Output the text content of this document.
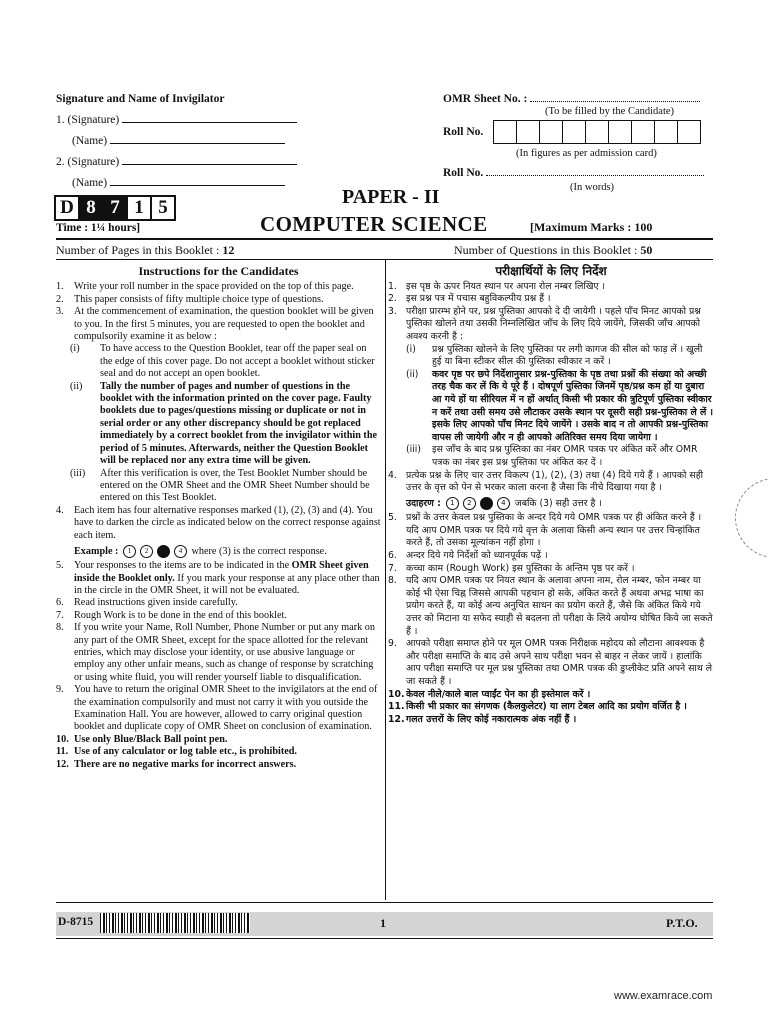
Signature and Name of Invigilator
1. (Signature)
(Name)
2. (Signature)
(Name)
OMR Sheet No. :
(To be filled by the Candidate)
Roll No.
(In figures as per admission card)
Roll No.
(In words)
D 8 7 1 5
Time : 1¼ hours]
PAPER - II
COMPUTER SCIENCE	[Maximum Marks : 100
Number of Pages in this Booklet : 12	Number of Questions in this Booklet : 50
Instructions for the Candidates
1. Write your roll number in the space provided on the top of this page.
2. This paper consists of fifty multiple choice type of questions.
3. At the commencement of examination, the question booklet will be given to you. In the first 5 minutes, you are requested to open the booklet and compulsorily examine it as below :
(i) To have access to the Question Booklet, tear off the paper seal on the edge of this cover page. Do not accept a booklet without sticker seal and do not accept an open booklet.
(ii) Tally the number of pages and number of questions in the booklet with the information printed on the cover page. Faulty booklets due to pages/questions missing or duplicate or not in serial order or any other discrepancy should be got replaced immediately by a correct booklet from the invigilator within the period of 5 minutes. Afterwards, neither the Question Booklet will be replaced nor any extra time will be given.
(iii) After this verification is over, the Test Booklet Number should be entered on the OMR Sheet and the OMR Sheet Number should be entered on this Test Booklet.
4. Each item has four alternative responses marked (1), (2), (3) and (4). You have to darken the circle as indicated below on the correct response against each item.
Example : 1 2	4 where (3) is the correct response.
5. Your responses to the items are to be indicated in the OMR Sheet given inside the Booklet only. If you mark your response at any place other than in the circle in the OMR Sheet, it will not be evaluated.
6. Read instructions given inside carefully.
7. Rough Work is to be done in the end of this booklet.
8. If you write your Name, Roll Number, Phone Number or put any mark on any part of the OMR Sheet, except for the space allotted for the relevant entries, which may disclose your identity, or use abusive language or employ any other unfair means, such as change of response by scratching or using white fluid, you will render yourself liable to disqualification.
9. You have to return the original OMR Sheet to the invigilators at the end of the examination compulsorily and must not carry it with you outside the Examination Hall. You are however, allowed to carry original question booklet and duplicate copy of OMR Sheet on conclusion of examination.
10. Use only Blue/Black Ball point pen.
11. Use of any calculator or log table etc., is prohibited.
12. There are no negative marks for incorrect answers.
परीक्षार्थियों के लिए निर्देश
1. इस पृष्ठ के ऊपर नियत स्थान पर अपना रोल नम्बर लिखिए ।
2. इस प्रश्न पत्र में पचास बहुविकल्पीय प्रश्न हैं ।
3. परीक्षा प्रारम्भ होने पर, प्रश्न पुस्तिका आपको दे दी जायेगी । पहले पाँच मिनट आपको प्रश्न पुस्तिका खोलने तथा उसकी निम्नलिखित जाँच के लिए दिये जायेंगे, जिसकी जाँच आपको अवश्य करनी है :
(i) प्रश्न पुस्तिका खोलने के लिए पुस्तिका पर लगी कागज की सील को फाड़ लें । खुली हुई या बिना स्टीकर सील की पुस्तिका स्वीकार न करें ।
(ii) कवर पृष्ठ पर छपे निर्देशानुसार प्रश्न-पुस्तिका के पृष्ठ तथा प्रश्नों की संख्या को अच्छी तरह चैक कर लें कि ये पूरे हैं । दोषपूर्ण पुस्तिका जिनमें पृष्ठ/प्रश्न कम हों या दुबारा आ गये हों या सीरियल में न हों अर्थात् किसी भी प्रकार की त्रुटिपूर्ण पुस्तिका स्वीकार न करें तथा उसी समय उसे लौटाकर उसके स्थान पर दूसरी सही प्रश्न-पुस्तिका ले लें । इसके लिए आपको पाँच मिनट दिये जायेंगे । उसके बाद न तो आपकी प्रश्न-पुस्तिका वापस ली जायेगी और न ही आपको अतिरिक्त समय दिया जायेगा ।
(iii) इस जाँच के बाद प्रश्न पुस्तिका का नंबर OMR पत्रक पर अंकित करें और OMR पत्रक का नंबर इस प्रश्न पुस्तिका पर अंकित कर दें ।
4. प्रत्येक प्रश्न के लिए चार उत्तर विकल्प (1), (2), (3) तथा (4) दिये गये हैं । आपको सही उत्तर के वृत्त को पेन से भरकर काला करना है जैसा कि नीचे दिखाया गया है ।
उदाहरण : 1 2	4 जबकि (3) सही उत्तर है ।
5. प्रश्नों के उत्तर केवल प्रश्न पुस्तिका के अन्दर दिये गये OMR पत्रक पर ही अंकित करने हैं । यदि आप OMR पत्रक पर दिये गये वृत्त के अलावा किसी अन्य स्थान पर उत्तर चिन्हांकित करते हैं, तो उसका मूल्यांकन नहीं होगा ।
6. अन्दर दिये गये निर्देशों को ध्यानपूर्वक पढ़ें ।
7. कच्चा काम (Rough Work) इस पुस्तिका के अन्तिम पृष्ठ पर करें ।
8. यदि आप OMR पत्रक पर नियत स्थान के अलावा अपना नाम, रोल नम्बर, फोन नम्बर या कोई भी ऐसा चिह्न जिससे आपकी पहचान हो सके, अंकित करते हैं अथवा अभद्र भाषा का प्रयोग करते हैं, या कोई अन्य अनुचित साधन का प्रयोग करते हैं, जैसे कि अंकित किये गये उत्तर को मिटाना या सफेद स्याही से बदलना तो परीक्षा के लिये अयोग्य घोषित किये जा सकते हैं ।
9. आपको परीक्षा समाप्त होने पर मूल OMR पत्रक निरीक्षक महोदय को लौटाना आवश्यक है और परीक्षा समाप्ति के बाद उसे अपने साथ परीक्षा भवन से बाहर न लेकर जायें । हालांकि आप परीक्षा समाप्ति पर मूल प्रश्न पुस्तिका तथा OMR पत्रक की डुप्लीकेट प्रति अपने साथ ले जा सकते हैं ।
10. केवल नीले/काले बाल प्वाईंट पेन का ही इस्तेमाल करें ।
11. किसी भी प्रकार का संगणक (कैलकुलेटर) या लाग टेबल आदि का प्रयोग वर्जित है ।
12. गलत उत्तरों के लिए कोई नकारात्मक अंक नहीं हैं ।
D-8715	1	P.T.O.
www.examrace.com
